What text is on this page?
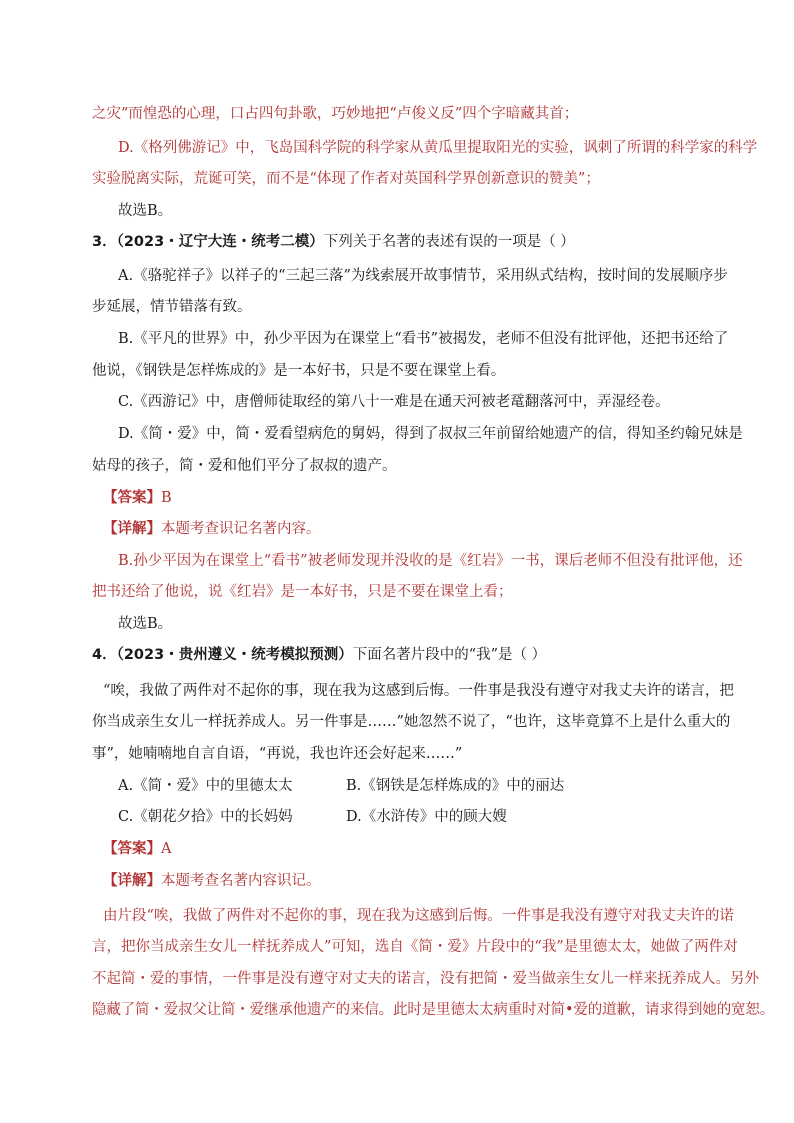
之灾”而惶恐的心理，口占四句卦歌，巧妙地把“卢俊义反”四个字暗藏其首；
D.《格列佛游记》中，飞岛国科学院的科学家从黄瓜里提取阳光的实验，讽刺了所谓的科学家的科学
实验脱离实际，荒诞可笑，而不是“体现了作者对英国科学界创新意识的赞美”；
故选B。
3．（2023・辽宁大连・统考二模）下列关于名著的表述有误的一项是（ ）
A.《骆驼祥子》以祥子的“三起三落”为线索展开故事情节，采用纵式结构，按时间的发展顺序步
步延展，情节错落有致。
B.《平凡的世界》中，孙少平因为在课堂上“看书”被揭发，老师不但没有批评他，还把书还给了
他说，《钢铁是怎样炼成的》是一本好书，只是不要在课堂上看。
C.《西游记》中，唐僧师徒取经的第八十一难是在通天河被老鼋翻落河中，弄湿经卷。
D.《简・爱》中，简・爱看望病危的舅妈，得到了叔叔三年前留给她遗产的信，得知圣约翰兄妹是
姑母的孩子，简・爱和他们平分了叔叔的遗产。
【答案】B
【详解】本题考查识记名著内容。
B.孙少平因为在课堂上“看书”被老师发现并没收的是《红岩》一书，课后老师不但没有批评他，还
把书还给了他说，说《红岩》是一本好书，只是不要在课堂上看；
故选B。
4．（2023・贵州遵义・统考模拟预测）下面名著片段中的“我”是（ ）
“唉，我做了两件对不起你的事，现在我为这感到后悔。一件事是我没有遵守对我丈夫许的诺言，把
你当成亲生女儿一样抚养成人。另一件事是……”她忽然不说了，“也许，这毕竟算不上是什么重大的
事”，她喃喃地自言自语，“再说，我也许还会好起来……”
A.《简・爱》中的里德太太	B.《钢铁是怎样炼成的》中的丽达
C.《朝花夕拾》中的长妈妈	D.《水浒传》中的顾大嫂
【答案】A
【详解】本题考查名著内容识记。
由片段“唉，我做了两件对不起你的事，现在我为这感到后悔。一件事是我没有遵守对我丈夫许的诺
言，把你当成亲生女儿一样抚养成人”可知，选自《简・爱》片段中的“我”是里德太太，她做了两件对
不起简・爱的事情，一件事是没有遵守对丈夫的诺言，没有把简・爱当做亲生女儿一样来抚养成人。另外
隐藏了简・爱叔父让简・爱继承他遗产的来信。此时是里德太太病重时对简•爱的道歉，请求得到她的宽恕。
